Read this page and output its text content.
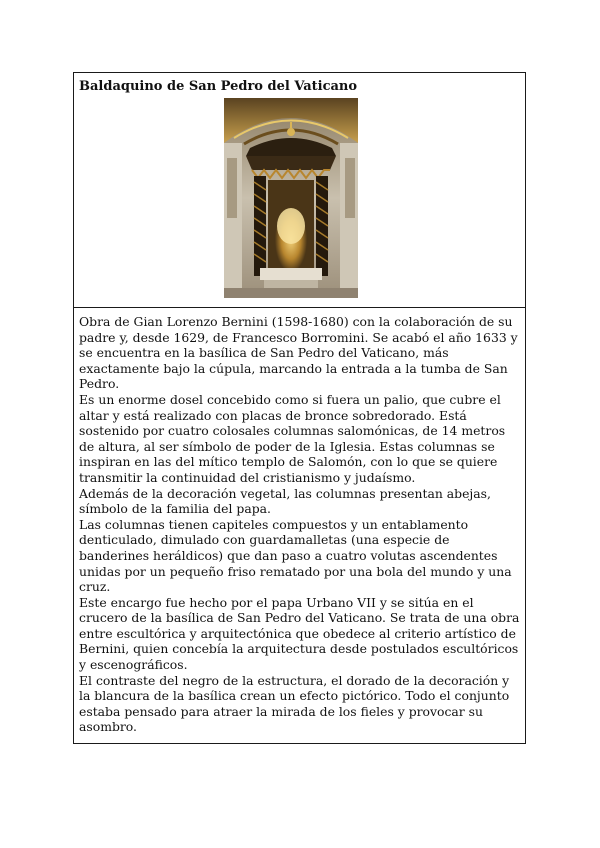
Baldaquino de San Pedro del Vaticano

Obra de Gian Lorenzo Bernini (1598-1680) con la colaboración de su padre y, desde 1629, de Francesco Borromini. Se acabó el año 1633 y se encuentra en la basílica de San Pedro del Vaticano, más exactamente bajo la cúpula, marcando la entrada a la tumba de San Pedro.

Es un enorme dosel concebido como si fuera un palio, que cubre el altar y está realizado con placas de bronce sobredorado. Está sostenido por cuatro colosales columnas salomónicas, de 14 metros de altura, al ser símbolo de poder de la Iglesia. Estas columnas se inspiran en las del mítico templo de Salomón, con lo que se quiere transmitir la continuidad del cristianismo y judaísmo.

Además de la decoración vegetal, las columnas presentan abejas, símbolo de la familia del papa.

Las columnas tienen capiteles compuestos y un entablamento denticulado, dimulado con guardamalletas (una especie de banderines heráldicos) que dan paso a cuatro volutas ascendentes unidas por un pequeño friso rematado por una bola del mundo y una cruz.

Este encargo fue hecho por el papa Urbano VII y se sitúa en el crucero de la basílica de San Pedro del Vaticano. Se trata de una obra entre escultórica y arquitectónica que obedece al criterio artístico de Bernini, quien concebía la arquitectura desde postulados escultóricos y escenográficos.

El contraste del negro de la estructura, el dorado de la decoración y la blancura de la basílica crean un efecto pictórico. Todo el conjunto estaba pensado para atraer la mirada de los fieles y provocar su asombro.
